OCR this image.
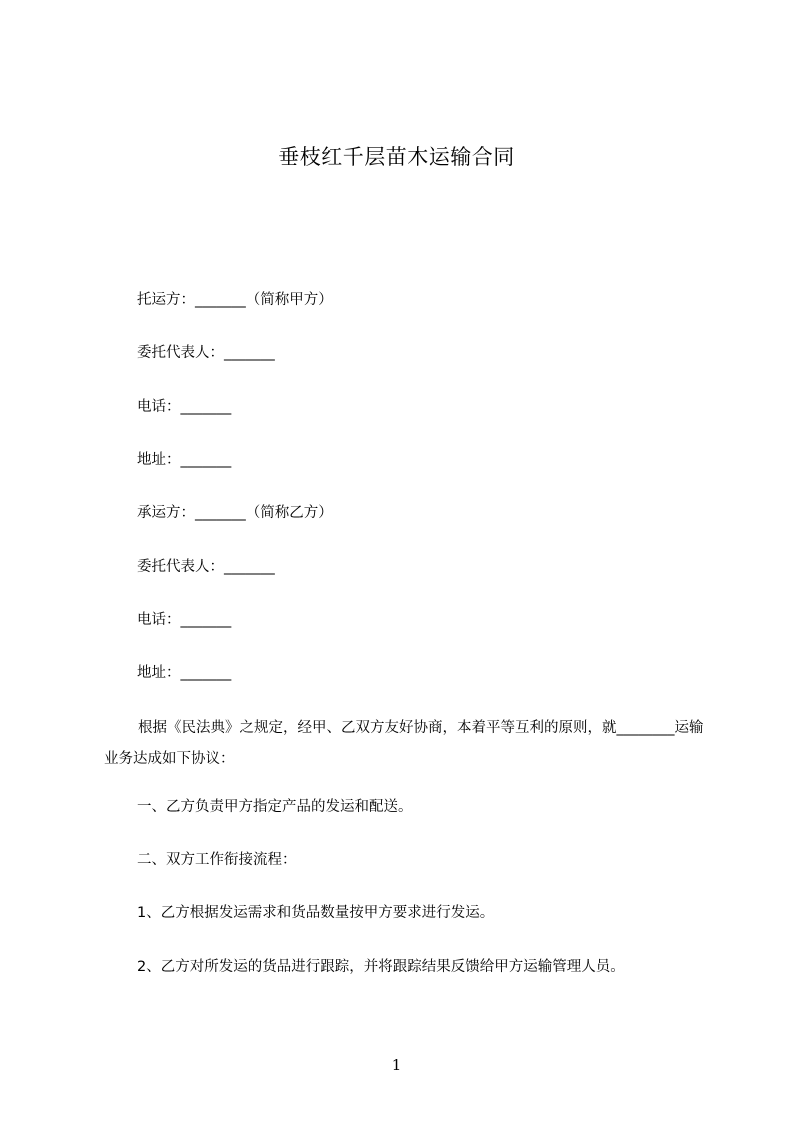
垂枝红千层苗木运输合同
托运方：_______（简称甲方）
委托代表人：_______
电话：_______
地址：_______
承运方：_______（简称乙方）
委托代表人：_______
电话：_______
地址：_______
根据《民法典》之规定，经甲、乙双方友好协商，本着平等互利的原则，就________运输业务达成如下协议：
一、乙方负责甲方指定产品的发运和配送。
二、双方工作衔接流程：
1、乙方根据发运需求和货品数量按甲方要求进行发运。
2、乙方对所发运的货品进行跟踪，并将跟踪结果反馈给甲方运输管理人员。
1
